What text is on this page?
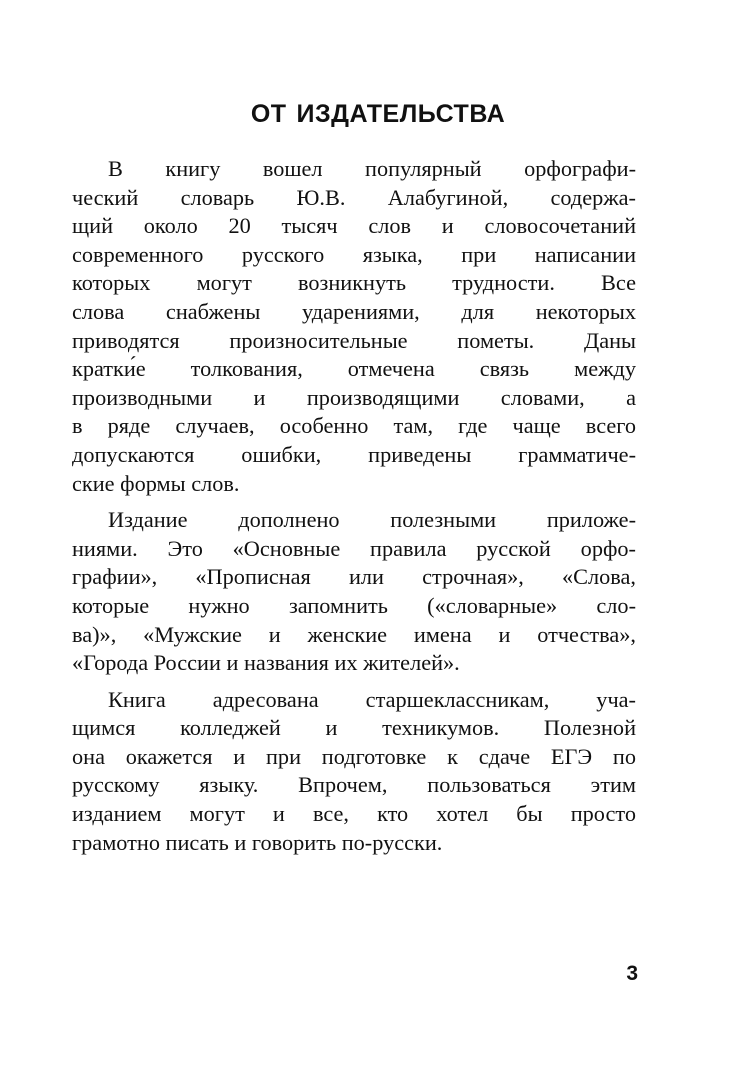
ОТ ИЗДАТЕЛЬСТВА

В книгу вошел популярный орфографи-
ческий словарь Ю.В. Алабугиной, содержа-
щий около 20 тысяч слов и словосочетаний
современного русского языка, при написании
которых могут возникнуть трудности. Все
слова снабжены ударениями, для некоторых
приводятся произносительные пометы. Даны
кратки́е толкования, отмечена связь между
производными и производящими словами, а
в ряде случаев, особенно там, где чаще всего
допускаются ошибки, приведены грамматиче-
ские формы слов.

Издание дополнено полезными приложе-
ниями. Это «Основные правила русской орфо-
графии», «Прописная или строчная», «Слова,
которые нужно запомнить («словарные» сло-
ва)», «Мужские и женские имена и отчества»,
«Города России и названия их жителей».

Книга адресована старшеклассникам, уча-
щимся колледжей и техникумов. Полезной
она окажется и при подготовке к сдаче ЕГЭ по
русскому языку. Впрочем, пользоваться этим
изданием могут и все, кто хотел бы просто
грамотно писать и говорить по-русски.

3
